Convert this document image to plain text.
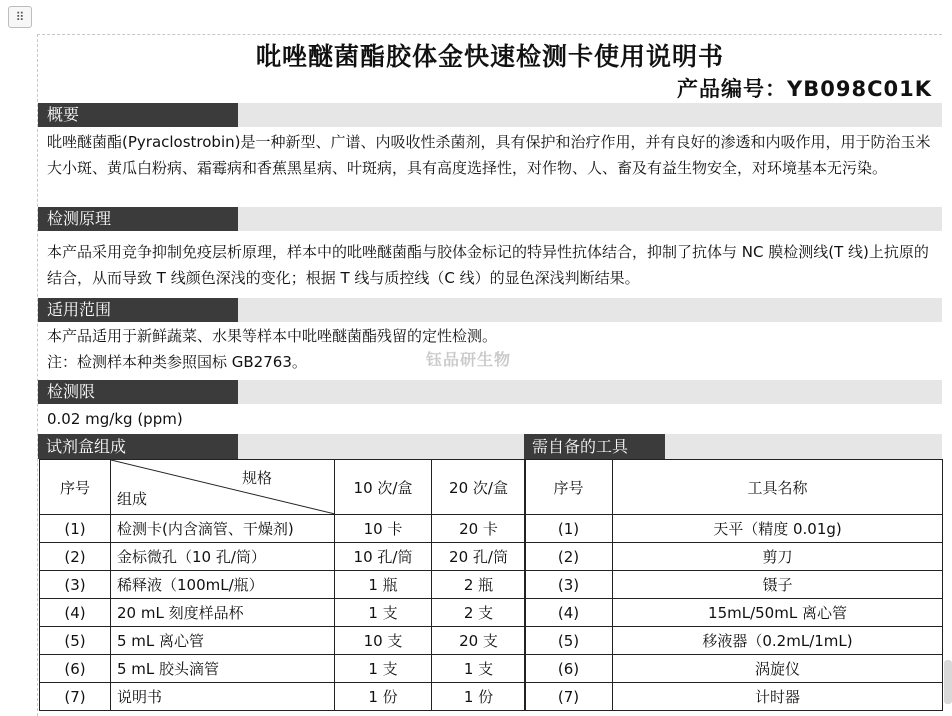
⠿
吡唑醚菌酯胶体金快速检测卡使用说明书
产品编号：YB098C01K
概要
吡唑醚菌酯(Pyraclostrobin)是一种新型、广谱、内吸收性杀菌剂，具有保护和治疗作用，并有良好的渗透和内吸作用，用于防治玉米大小斑、黄瓜白粉病、霜霉病和香蕉黑星病、叶斑病，具有高度选择性，对作物、人、畜及有益生物安全，对环境基本无污染。
检测原理
本产品采用竞争抑制免疫层析原理，样本中的吡唑醚菌酯与胶体金标记的特异性抗体结合，抑制了抗体与 NC 膜检测线(T 线)上抗原的结合，从而导致 T 线颜色深浅的变化；根据 T 线与质控线（C 线）的显色深浅判断结果。
适用范围
本产品适用于新鲜蔬菜、水果等样本中吡唑醚菌酯残留的定性检测。
注：检测样本种类参照国标 GB2763。	钰品研生物
检测限
0.02 mg/kg (ppm)
试剂盒组成	需自备的工具
序号	规格
组成	10 次/盒	20 次/盒
(1)	检测卡(内含滴管、干燥剂)	10 卡	20 卡
(2)	金标微孔（10 孔/筒）	10 孔/筒	20 孔/筒
(3)	稀释液（100mL/瓶）	1 瓶	2 瓶
(4)	20 mL 刻度样品杯	1 支	2 支
(5)	5 mL 离心管	10 支	20 支
(6)	5 mL 胶头滴管	1 支	1 支
(7)	说明书	1 份	1 份
序号	工具名称
(1)	天平（精度 0.01g)
(2)	剪刀
(3)	镊子
(4)	15mL/50mL 离心管
(5)	移液器（0.2mL/1mL)
(6)	涡旋仪
(7)	计时器
